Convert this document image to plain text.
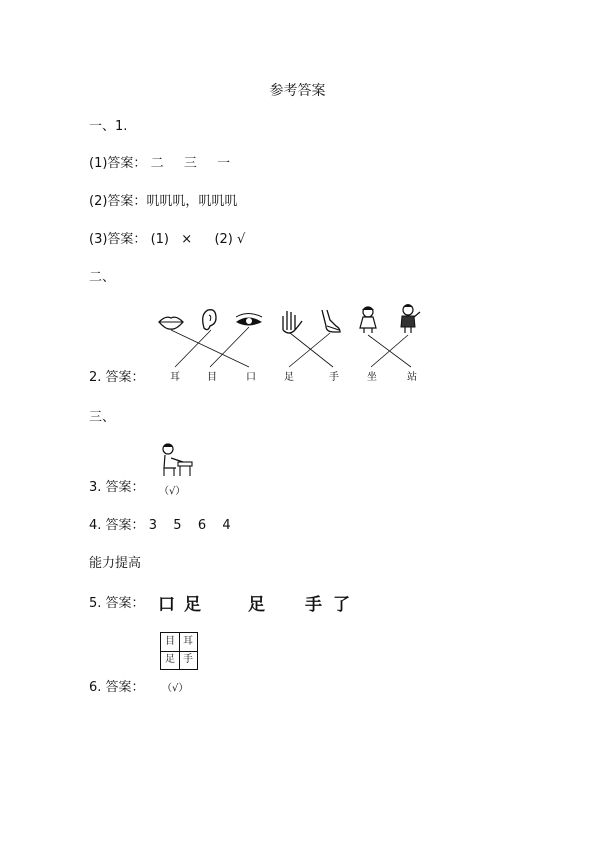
参考答案
一、1.
(1)答案： 二 三 一
(2)答案：叽叽叽，叽叽叽
(3)答案： (1) × (2) √
二、
耳	目	口	足	手	坐	站
2. 答案：
三、
（√）
3. 答案：
4. 答案： 3 5 6 4
能力提高
5. 答案： 口 足	足 手 了
目 耳
足 手
6. 答案： （√）
